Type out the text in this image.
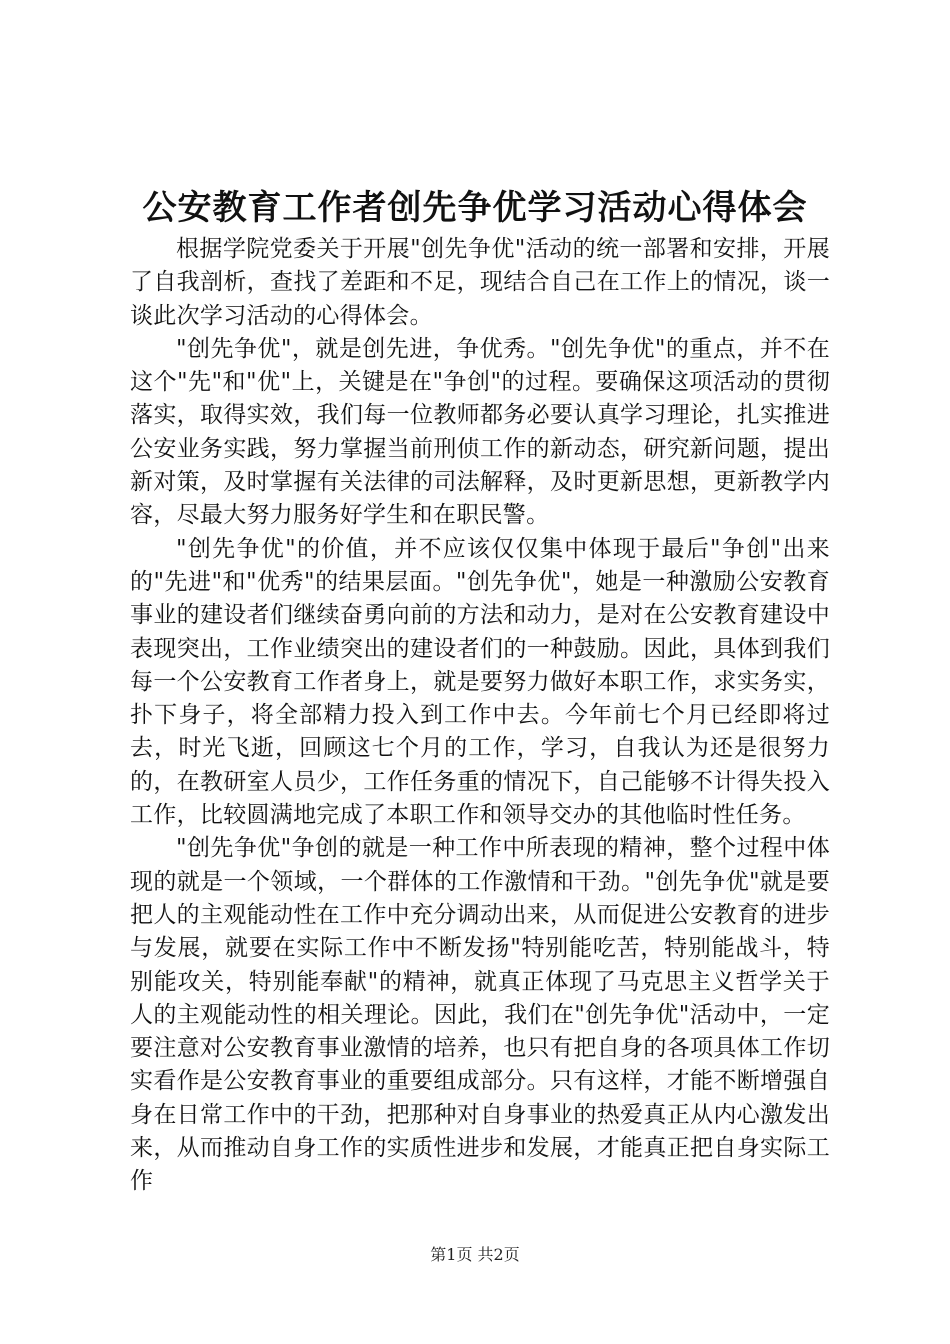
公安教育工作者创先争优学习活动心得体会

根据学院党委关于开展"创先争优"活动的统一部署和安排，开展了自我剖析，查找了差距和不足，现结合自己在工作上的情况，谈一谈此次学习活动的心得体会。

"创先争优"，就是创先进，争优秀。"创先争优"的重点，并不在这个"先"和"优"上，关键是在"争创"的过程。要确保这项活动的贯彻落实，取得实效，我们每一位教师都务必要认真学习理论，扎实推进公安业务实践，努力掌握当前刑侦工作的新动态，研究新问题，提出新对策，及时掌握有关法律的司法解释，及时更新思想，更新教学内容，尽最大努力服务好学生和在职民警。

"创先争优"的价值，并不应该仅仅集中体现于最后"争创"出来的"先进"和"优秀"的结果层面。"创先争优"，她是一种激励公安教育事业的建设者们继续奋勇向前的方法和动力，是对在公安教育建设中表现突出，工作业绩突出的建设者们的一种鼓励。因此，具体到我们每一个公安教育工作者身上，就是要努力做好本职工作，求实务实，扑下身子，将全部精力投入到工作中去。今年前七个月已经即将过去，时光飞逝，回顾这七个月的工作，学习，自我认为还是很努力的，在教研室人员少，工作任务重的情况下，自己能够不计得失投入工作，比较圆满地完成了本职工作和领导交办的其他临时性任务。

"创先争优"争创的就是一种工作中所表现的精神，整个过程中体现的就是一个领域，一个群体的工作激情和干劲。"创先争优"就是要把人的主观能动性在工作中充分调动出来，从而促进公安教育的进步与发展，就要在实际工作中不断发扬"特别能吃苦，特别能战斗，特别能攻关，特别能奉献"的精神，就真正体现了马克思主义哲学关于人的主观能动性的相关理论。因此，我们在"创先争优"活动中，一定要注意对公安教育事业激情的培养，也只有把自身的各项具体工作切实看作是公安教育事业的重要组成部分。只有这样，才能不断增强自身在日常工作中的干劲，把那种对自身事业的热爱真正从内心激发出来，从而推动自身工作的实质性进步和发展，才能真正把自身实际工作

第1页 共2页
